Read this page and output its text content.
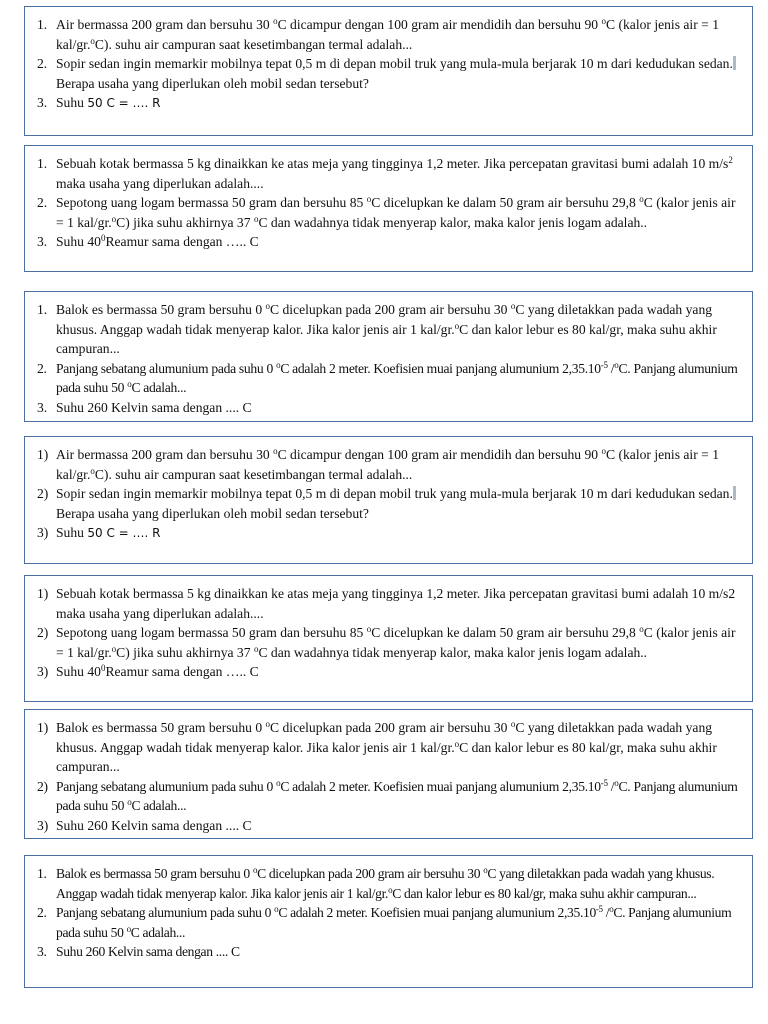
1. Air bermassa 200 gram dan bersuhu 30 $^o$C dicampur dengan 100 gram air mendidih dan bersuhu 90 $^o$C (kalor jenis air = 1 kal/gr.$^o$C). suhu air campuran saat kesetimbangan termal adalah...
2. Sopir sedan ingin memarkir mobilnya tepat 0,5 m di depan mobil truk yang mula-mula berjarak 10 m dari kedudukan sedan.Berapa usaha yang diperlukan oleh mobil sedan tersebut?
3. Suhu 50 C = …. R
1. Sebuah kotak bermassa 5 kg dinaikkan ke atas meja yang tingginya 1,2 meter. Jika percepatan gravitasi bumi adalah 10 $m/s^2$ maka usaha yang diperlukan adalah....
2. Sepotong uang logam bermassa 50 gram dan bersuhu 85 $^o$C dicelupkan ke dalam 50 gram air bersuhu 29,8 $^o$C (kalor jenis air = 1 kal/gr.$^o$C) jika suhu akhirnya 37 $^o$C dan wadahnya tidak menyerap kalor, maka kalor jenis logam adalah..
3. Suhu $40^0Reamur$ sama dengan ….. C
1. Balok es bermassa 50 gram bersuhu 0 $^o$C dicelupkan pada 200 gram air bersuhu 30 $^o$C yang diletakkan pada wadah yang khusus. Anggap wadah tidak menyerap kalor. Jika kalor jenis air 1 kal/gr.$^o$C dan kalor lebur es 80 kal/gr, maka suhu akhir campuran...
2. Panjang sebatang alumunium pada suhu 0 $^o$C adalah 2 meter. Koefisien muai panjang alumunium $2,35.10^{-5}$ /$^o$C. Panjang alumunium pada suhu 50 $^o$C adalah...
3. Suhu 260 Kelvin sama dengan .... C
1) Air bermassa 200 gram dan bersuhu 30 $^o$C dicampur dengan 100 gram air mendidih dan bersuhu 90 $^o$C (kalor jenis air = 1 kal/gr.$^o$C). suhu air campuran saat kesetimbangan termal adalah...
2) Sopir sedan ingin memarkir mobilnya tepat 0,5 m di depan mobil truk yang mula-mula berjarak 10 m dari kedudukan sedan.Berapa usaha yang diperlukan oleh mobil sedan tersebut?
3) Suhu 50 C = …. R
1) Sebuah kotak bermassa 5 kg dinaikkan ke atas meja yang tingginya 1,2 meter. Jika percepatan gravitasi bumi adalah 10 m/s2 maka usaha yang diperlukan adalah....
2) Sepotong uang logam bermassa 50 gram dan bersuhu 85 $^o$C dicelupkan ke dalam 50 gram air bersuhu 29,8 $^o$C (kalor jenis air = 1 kal/gr.$^o$C) jika suhu akhirnya 37 $^o$C dan wadahnya tidak menyerap kalor, maka kalor jenis logam adalah..
3) Suhu $40^0Reamur$ sama dengan ….. C
1) Balok es bermassa 50 gram bersuhu 0 $^o$C dicelupkan pada 200 gram air bersuhu 30 $^o$C yang diletakkan pada wadah yang khusus. Anggap wadah tidak menyerap kalor. Jika kalor jenis air 1 kal/gr.$^o$C dan kalor lebur es 80 kal/gr, maka suhu akhir campuran...
2) Panjang sebatang alumunium pada suhu 0 $^o$C adalah 2 meter. Koefisien muai panjang alumunium $2,35.10^{-5}$ /$^o$C. Panjang alumunium pada suhu 50 $^o$C adalah...
3) Suhu 260 Kelvin sama dengan .... C
1. Balok es bermassa 50 gram bersuhu 0 $^o$C dicelupkan pada 200 gram air bersuhu 30 $^o$C yang diletakkan pada wadah yang khusus. Anggap wadah tidak menyerap kalor. Jika kalor jenis air 1 kal/gr.$^o$C dan kalor lebur es 80 kal/gr, maka suhu akhir campuran...
2. Panjang sebatang alumunium pada suhu 0 $^o$C adalah 2 meter. Koefisien muai panjang alumunium $2,35.10^{-5}$ /$^o$C. Panjang alumunium pada suhu 50 $^o$C adalah...
3. Suhu 260 Kelvin sama dengan .... C
